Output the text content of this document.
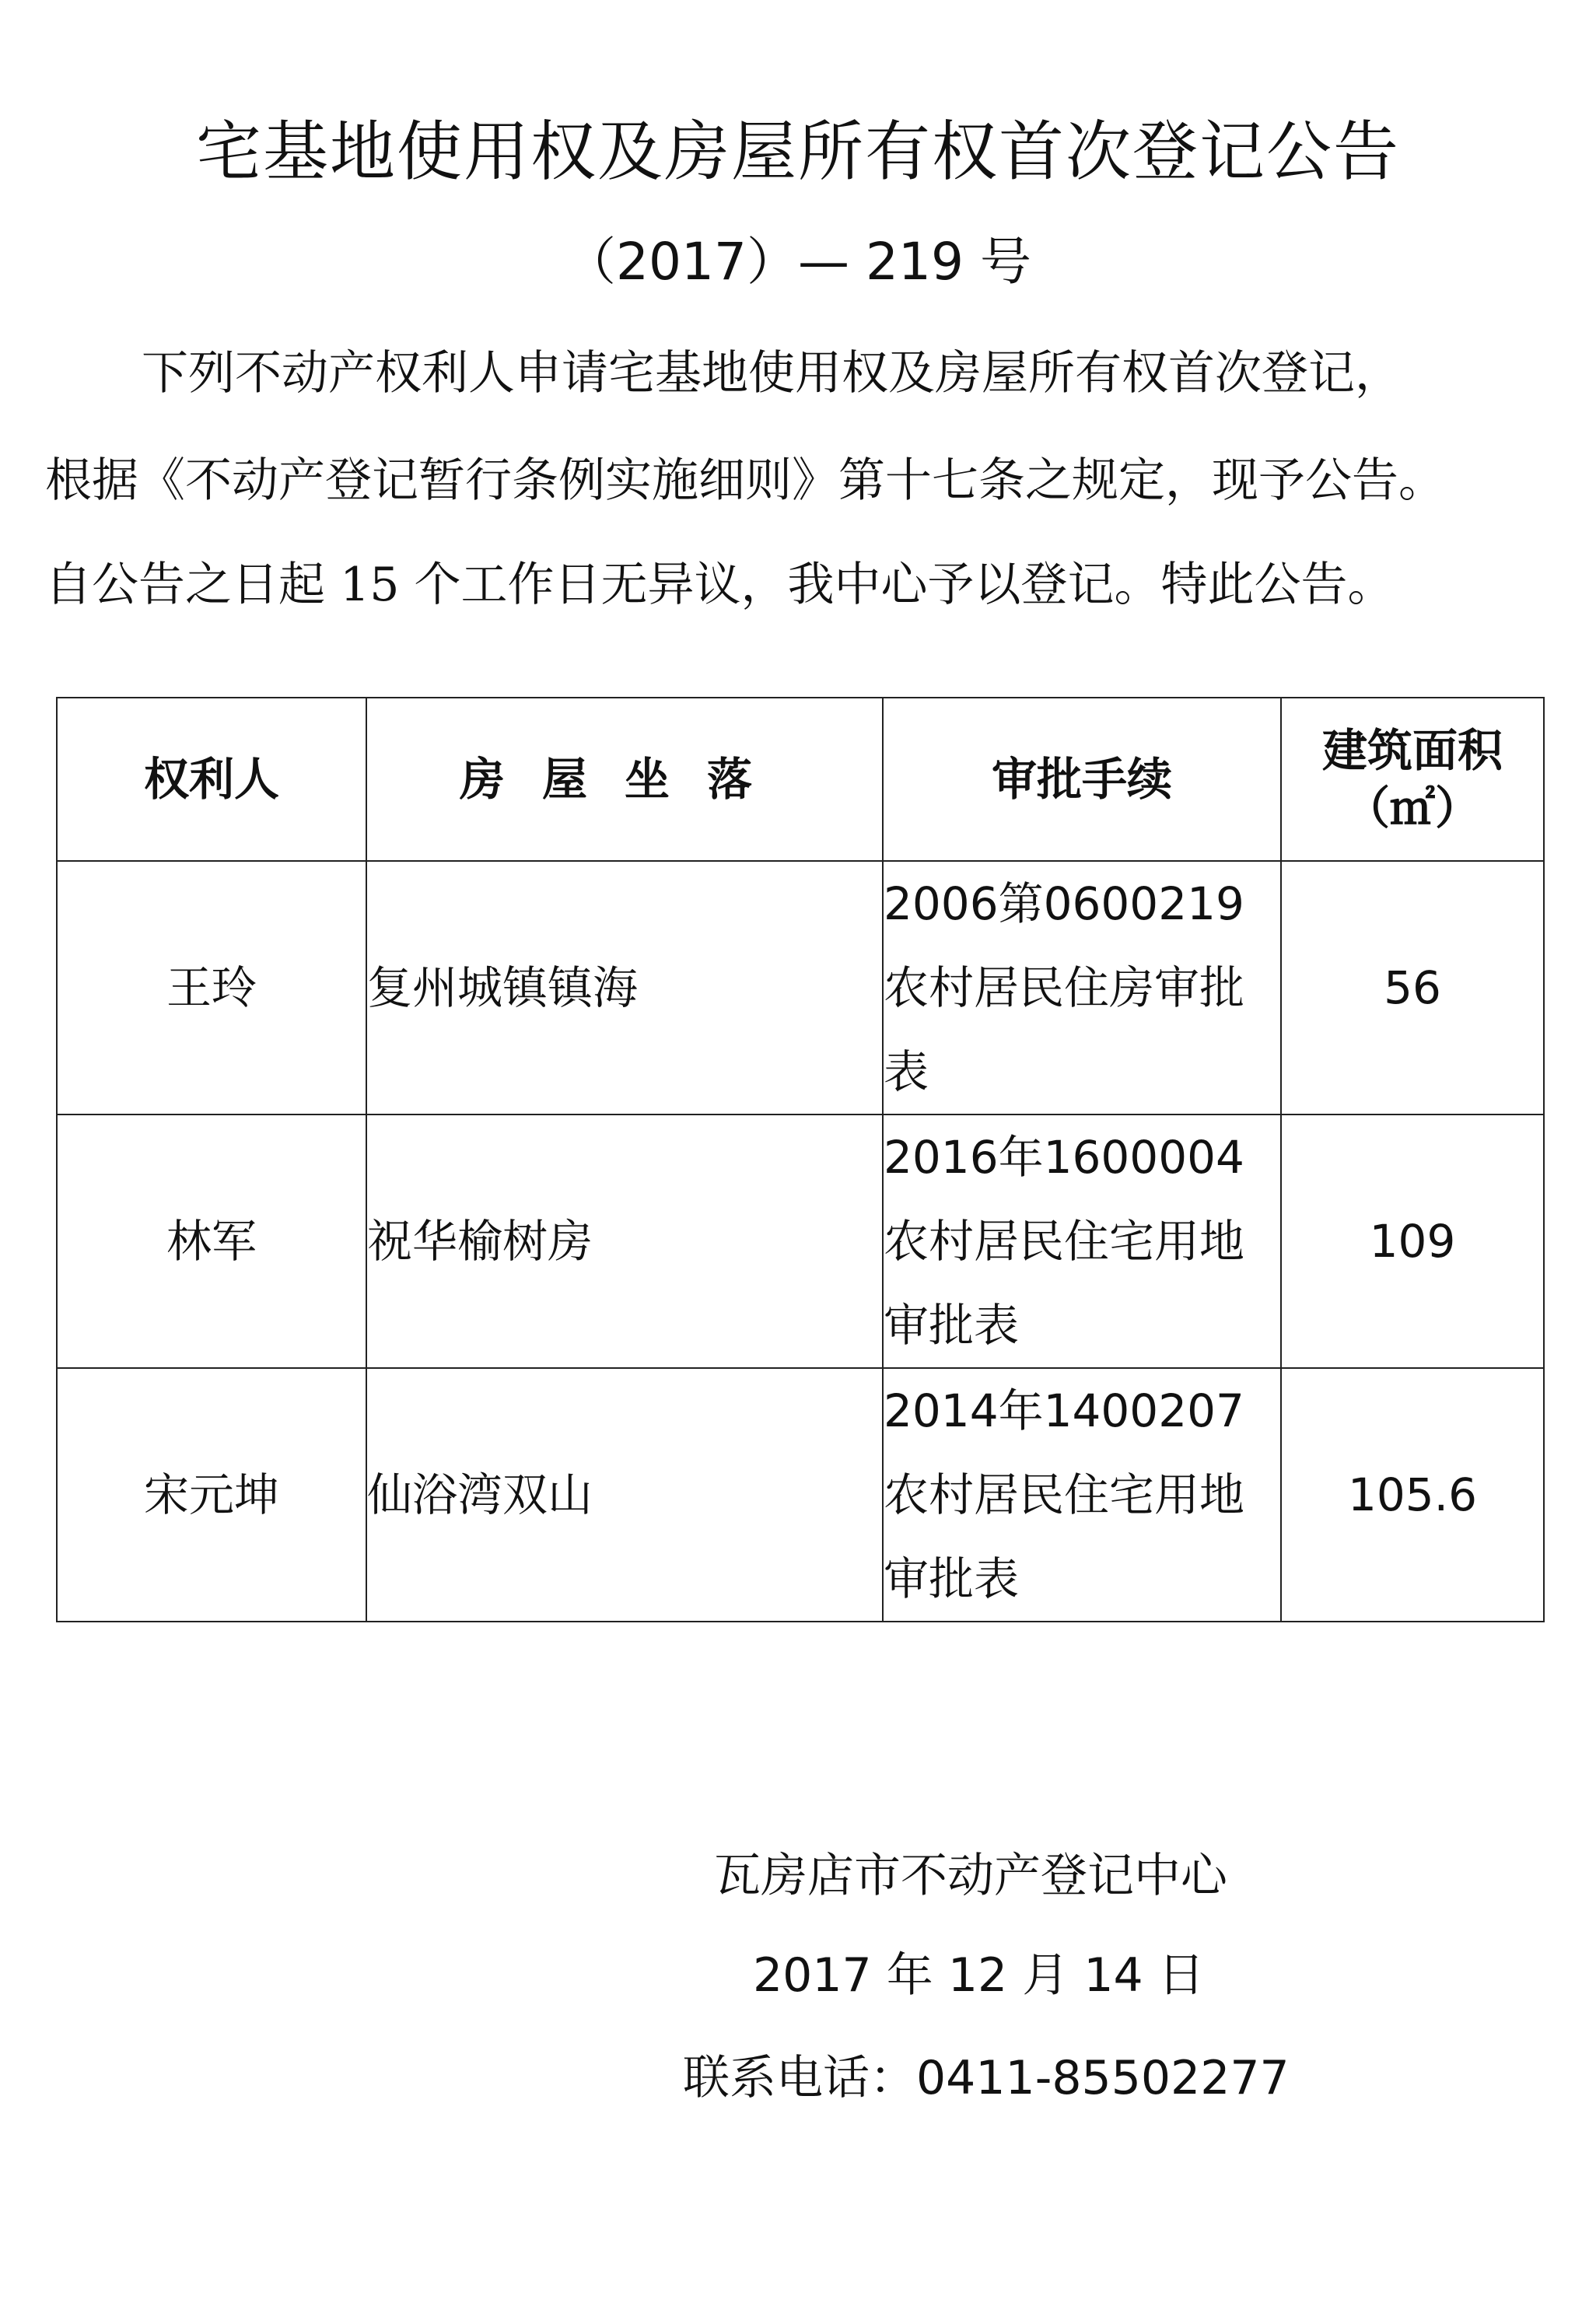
宅基地使用权及房屋所有权首次登记公告
（2017）— 219 号
下列不动产权利人申请宅基地使用权及房屋所有权首次登记，
根据《不动产登记暂行条例实施细则》第十七条之规定，现予公告。
自公告之日起 15 个工作日无异议，我中心予以登记。特此公告。
权利人	房屋坐落	审批手续	建筑面积
（㎡）

王玲	复州城镇镇海	2006第0600219农村居民住房审批表	56
林军	祝华榆树房	2016年1600004农村居民住宅用地审批表	109
宋元坤	仙浴湾双山	2014年1400207农村居民住宅用地审批表	105.6
瓦房店市不动产登记中心
2017 年 12 月 14 日
联系电话：0411-85502277
